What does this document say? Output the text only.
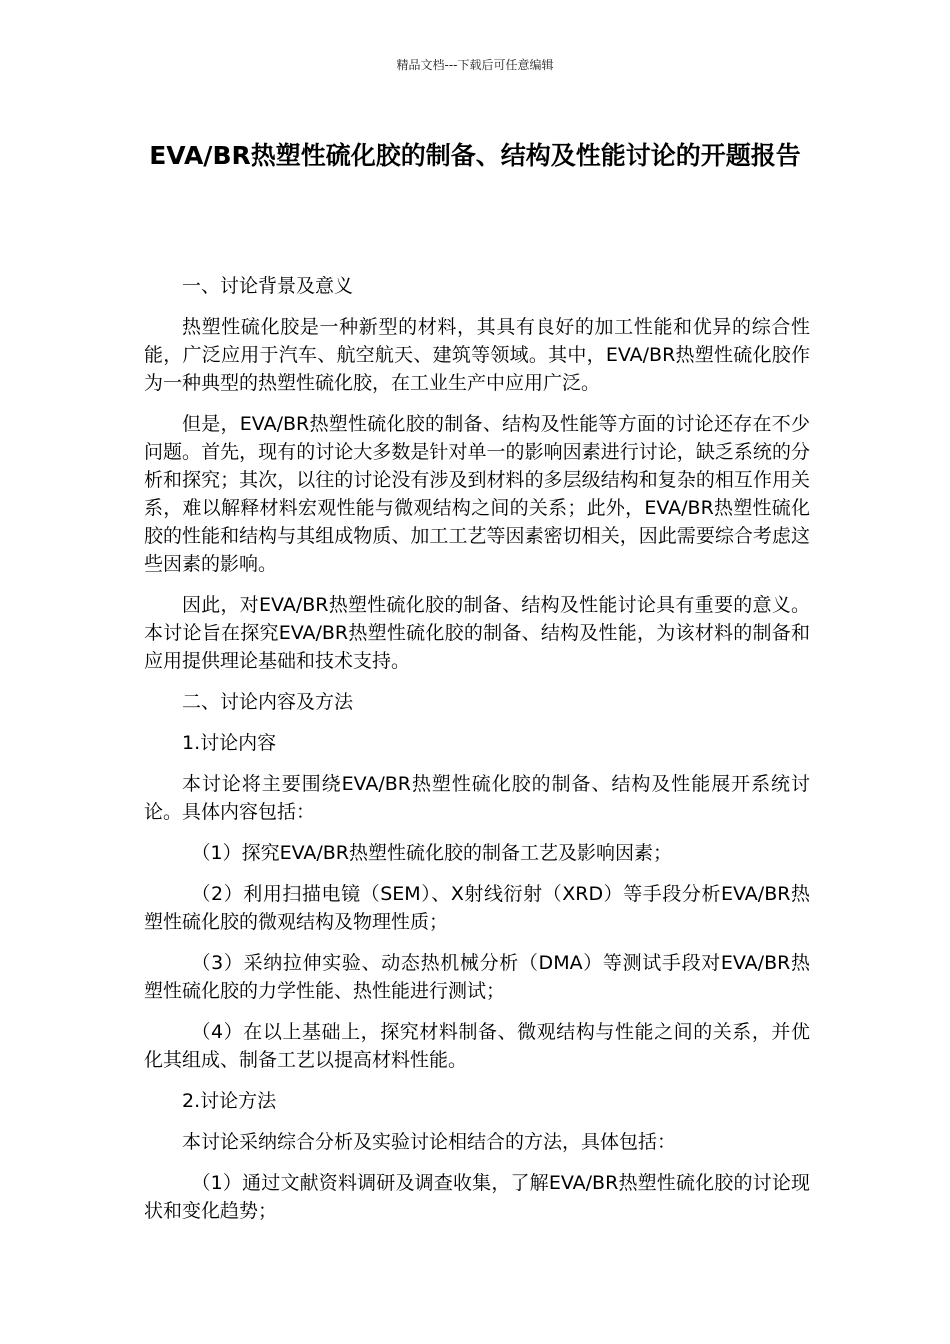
精品文档---下载后可任意编辑
EVA/BR热塑性硫化胶的制备、结构及性能讨论的开题报告

一、讨论背景及意义

热塑性硫化胶是一种新型的材料，其具有良好的加工性能和优异的综合性能，广泛应用于汽车、航空航天、建筑等领域。其中，EVA/BR热塑性硫化胶作为一种典型的热塑性硫化胶，在工业生产中应用广泛。

但是，EVA/BR热塑性硫化胶的制备、结构及性能等方面的讨论还存在不少问题。首先，现有的讨论大多数是针对单一的影响因素进行讨论，缺乏系统的分析和探究；其次，以往的讨论没有涉及到材料的多层级结构和复杂的相互作用关系，难以解释材料宏观性能与微观结构之间的关系；此外，EVA/BR热塑性硫化胶的性能和结构与其组成物质、加工工艺等因素密切相关，因此需要综合考虑这些因素的影响。

因此，对EVA/BR热塑性硫化胶的制备、结构及性能讨论具有重要的意义。本讨论旨在探究EVA/BR热塑性硫化胶的制备、结构及性能，为该材料的制备和应用提供理论基础和技术支持。

二、讨论内容及方法

1.讨论内容

本讨论将主要围绕EVA/BR热塑性硫化胶的制备、结构及性能展开系统讨论。具体内容包括：

（1）探究EVA/BR热塑性硫化胶的制备工艺及影响因素；

（2）利用扫描电镜（SEM）、X射线衍射（XRD）等手段分析EVA/BR热塑性硫化胶的微观结构及物理性质；

（3）采纳拉伸实验、动态热机械分析（DMA）等测试手段对EVA/BR热塑性硫化胶的力学性能、热性能进行测试；

（4）在以上基础上，探究材料制备、微观结构与性能之间的关系，并优化其组成、制备工艺以提高材料性能。

2.讨论方法

本讨论采纳综合分析及实验讨论相结合的方法，具体包括：

（1）通过文献资料调研及调查收集，了解EVA/BR热塑性硫化胶的讨论现状和变化趋势；
